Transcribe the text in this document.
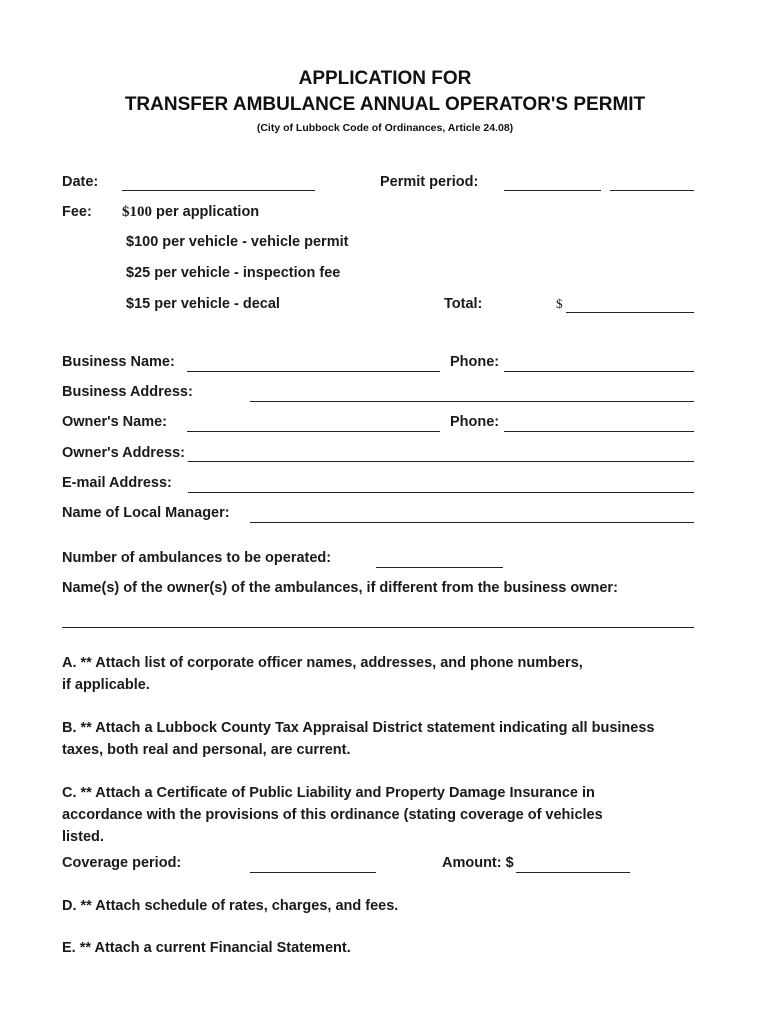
APPLICATION FOR
TRANSFER AMBULANCE ANNUAL OPERATOR'S PERMIT
(City of Lubbock Code of Ordinances, Article 24.08)
Date:	Permit period:
Fee: $100 per application
$100 per vehicle - vehicle permit
$25 per vehicle - inspection fee
$15 per vehicle - decal	Total:	$
Business Name:	Phone:
Business Address:
Owner's Name:	Phone:
Owner's Address:
E-mail Address:
Name of Local Manager:
Number of ambulances to be operated:
Name(s) of the owner(s) of the ambulances, if different from the business owner:
A. ** Attach list of corporate officer names, addresses, and phone numbers,
if applicable.
B. ** Attach a Lubbock County Tax Appraisal District statement indicating all business
taxes, both real and personal, are current.
C. ** Attach a Certificate of Public Liability and Property Damage Insurance in
accordance with the provisions of this ordinance (stating coverage of vehicles
listed.
Coverage period:	Amount: $
D. ** Attach schedule of rates, charges, and fees.
E. ** Attach a current Financial Statement.
